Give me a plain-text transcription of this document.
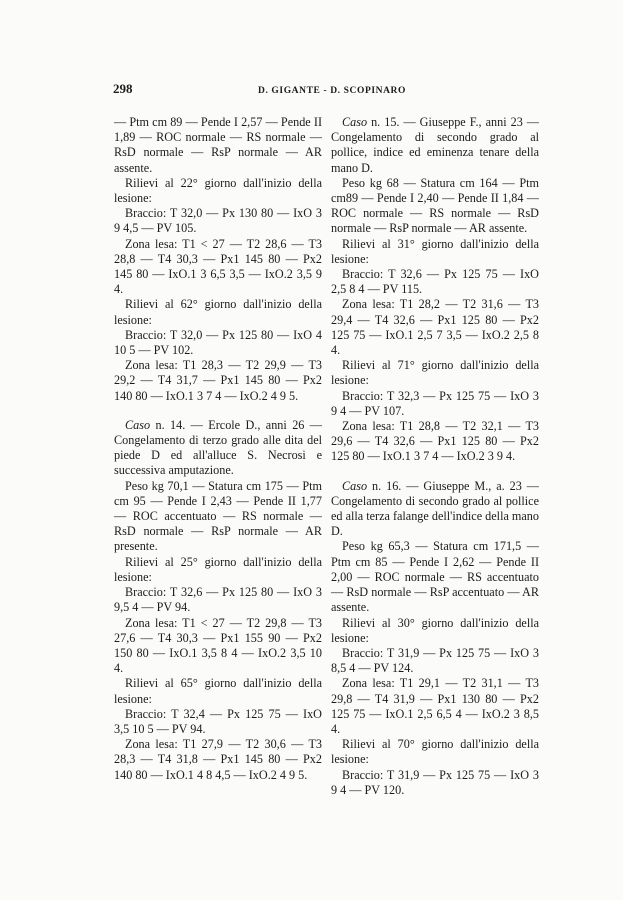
298	D. GIGANTE - D. SCOPINARO

— Ptm cm 89 — Pende I 2,57 — Pende II 1,89 — ROC normale — RS normale — RsD normale — RsP normale — AR assente.

Rilievi al 22° giorno dall'inizio della lesione:

Braccio: T 32,0 — Px 130 80 — IxO 3 9 4,5 — PV 105.

Zona lesa: T1 < 27 — T2 28,6 — T3 28,8 — T4 30,3 — Px1 145 80 — Px2 145 80 — IxO.1 3 6,5 3,5 — IxO.2 3,5 9 4.

Rilievi al 62° giorno dall'inizio della lesione:

Braccio: T 32,0 — Px 125 80 — IxO 4 10 5 — PV 102.

Zona lesa: T1 28,3 — T2 29,9 — T3 29,2 — T4 31,7 — Px1 145 80 — Px2 140 80 — IxO.1 3 7 4 — IxO.2 4 9 5.

Caso n. 14. — Ercole D., anni 26 — Congelamento di terzo grado alle dita del piede D ed all'alluce S. Necrosi e successiva amputazione.

Peso kg 70,1 — Statura cm 175 — Ptm cm 95 — Pende I 2,43 — Pende II 1,77 — ROC accentuato — RS normale — RsD normale — RsP normale — AR presente.

Rilievi al 25° giorno dall'inizio della lesione:

Braccio: T 32,6 — Px 125 80 — IxO 3 9,5 4 — PV 94.

Zona lesa: T1 < 27 — T2 29,8 — T3 27,6 — T4 30,3 — Px1 155 90 — Px2 150 80 — IxO.1 3,5 8 4 — IxO.2 3,5 10 4.

Rilievi al 65° giorno dall'inizio della lesione:

Braccio: T 32,4 — Px 125 75 — IxO 3,5 10 5 — PV 94.

Zona lesa: T1 27,9 — T2 30,6 — T3 28,3 — T4 31,8 — Px1 145 80 — Px2 140 80 — IxO.1 4 8 4,5 — IxO.2 4 9 5.

Caso n. 15. — Giuseppe F., anni 23 — Congelamento di secondo grado al pollice, indice ed eminenza tenare della mano D.

Peso kg 68 — Statura cm 164 — Ptm cm89 — Pende I 2,40 — Pende II 1,84 — ROC normale — RS normale — RsD normale — RsP normale — AR assente.

Rilievi al 31° giorno dall'inizio della lesione:

Braccio: T 32,6 — Px 125 75 — IxO 2,5 8 4 — PV 115.

Zona lesa: T1 28,2 — T2 31,6 — T3 29,4 — T4 32,6 — Px1 125 80 — Px2 125 75 — IxO.1 2,5 7 3,5 — IxO.2 2,5 8 4.

Rilievi al 71° giorno dall'inizio della lesione:

Braccio: T 32,3 — Px 125 75 — IxO 3 9 4 — PV 107.

Zona lesa: T1 28,8 — T2 32,1 — T3 29,6 — T4 32,6 — Px1 125 80 — Px2 125 80 — IxO.1 3 7 4 — IxO.2 3 9 4.

Caso n. 16. — Giuseppe M., a. 23 — Congelamento di secondo grado al pollice ed alla terza falange dell'indice della mano D.

Peso kg 65,3 — Statura cm 171,5 — Ptm cm 85 — Pende I 2,62 — Pende II 2,00 — ROC normale — RS accentuato — RsD normale — RsP accentuato — AR assente.

Rilievi al 30° giorno dall'inizio della lesione:

Braccio: T 31,9 — Px 125 75 — IxO 3 8,5 4 — PV 124.

Zona lesa: T1 29,1 — T2 31,1 — T3 29,8 — T4 31,9 — Px1 130 80 — Px2 125 75 — IxO.1 2,5 6,5 4 — IxO.2 3 8,5 4.

Rilievi al 70° giorno dall'inizio della lesione:

Braccio: T 31,9 — Px 125 75 — IxO 3 9 4 — PV 120.
